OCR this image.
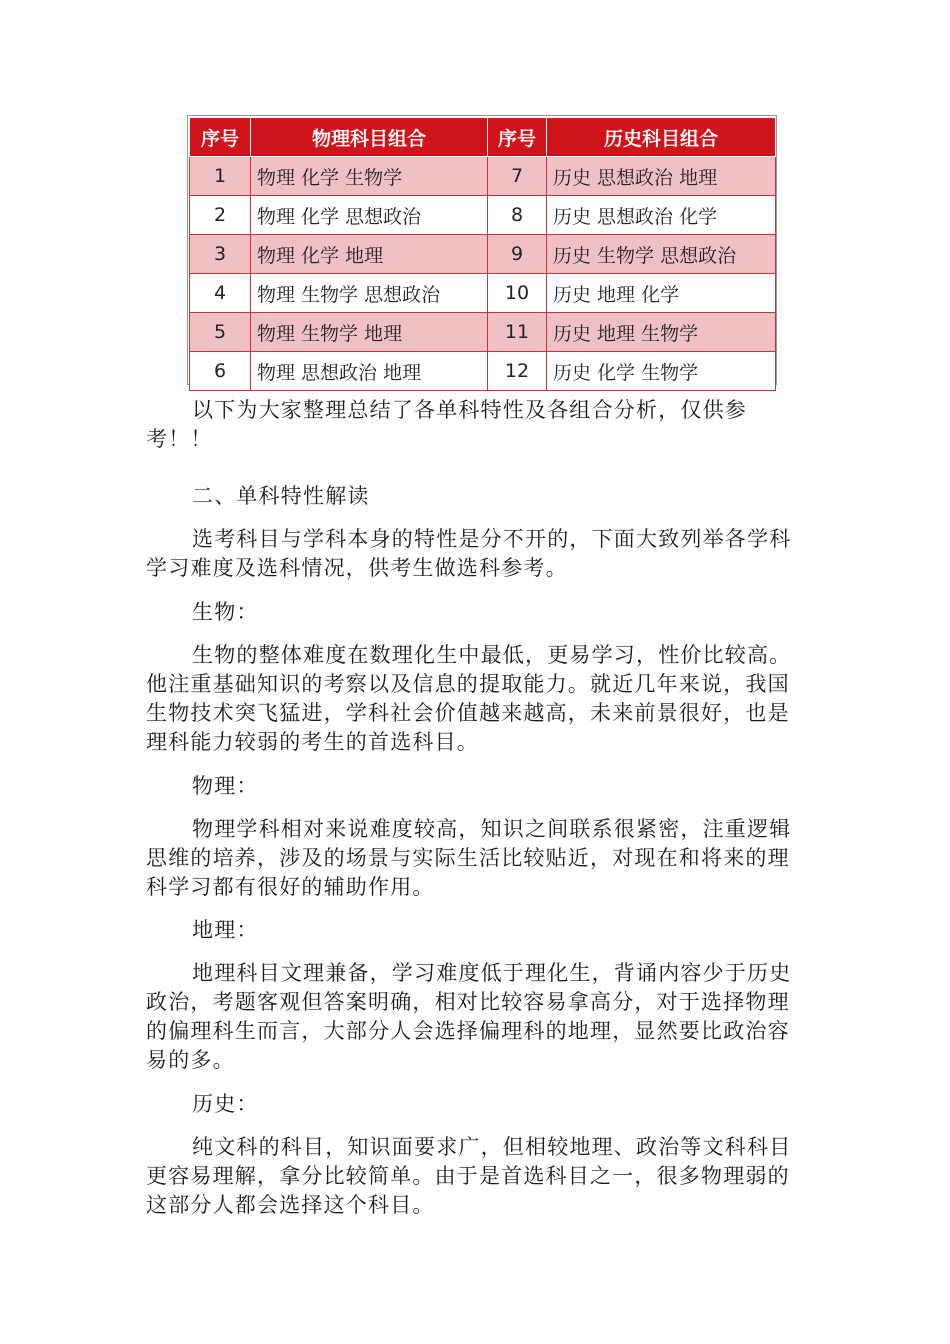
序号	物理科目组合	序号	历史科目组合
1	物理 化学 生物学	7	历史 思想政治 地理
2	物理 化学 思想政治	8	历史 思想政治 化学
3	物理 化学 地理	9	历史 生物学 思想政治
4	物理 生物学 思想政治	10	历史 地理 化学
5	物理 生物学 地理	11	历史 地理 生物学
6	物理 思想政治 地理	12	历史 化学 生物学

以下为大家整理总结了各单科特性及各组合分析，仅供参考！！

二、单科特性解读

选考科目与学科本身的特性是分不开的，下面大致列举各学科学习难度及选科情况，供考生做选科参考。

生物：

生物的整体难度在数理化生中最低，更易学习，性价比较高。他注重基础知识的考察以及信息的提取能力。就近几年来说，我国生物技术突飞猛进，学科社会价值越来越高，未来前景很好，也是理科能力较弱的考生的首选科目。

物理：

物理学科相对来说难度较高，知识之间联系很紧密，注重逻辑思维的培养，涉及的场景与实际生活比较贴近，对现在和将来的理科学习都有很好的辅助作用。

地理：

地理科目文理兼备，学习难度低于理化生，背诵内容少于历史政治，考题客观但答案明确，相对比较容易拿高分，对于选择物理的偏理科生而言，大部分人会选择偏理科的地理，显然要比政治容易的多。

历史：

纯文科的科目，知识面要求广，但相较地理、政治等文科科目更容易理解，拿分比较简单。由于是首选科目之一，很多物理弱的这部分人都会选择这个科目。
